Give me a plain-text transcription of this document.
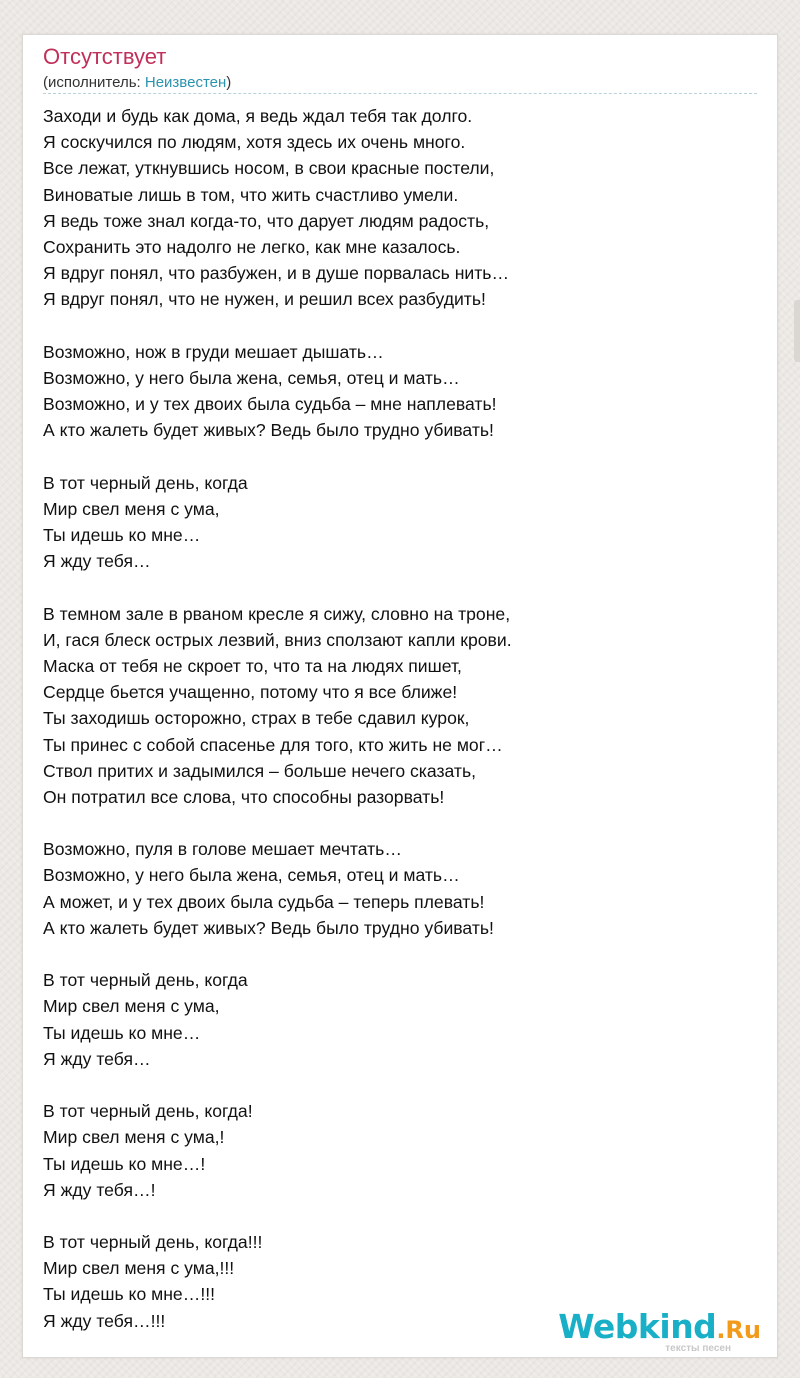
Отсутствует
(исполнитель: Неизвестен)

Заходи и будь как дома, я ведь ждал тебя так долго.
Я соскучился по людям, хотя здесь их очень много.
Все лежат, уткнувшись носом, в свои красные постели,
Виноватые лишь в том, что жить счастливо умели.
Я ведь тоже знал когда-то, что дарует людям радость,
Сохранить это надолго не легко, как мне казалось.
Я вдруг понял, что разбужен, и в душе порвалась нить…
Я вдруг понял, что не нужен, и решил всех разбудить!

Возможно, нож в груди мешает дышать…
Возможно, у него была жена, семья, отец и мать…
Возможно, и у тех двоих была судьба – мне наплевать!
А кто жалеть будет живых? Ведь было трудно убивать!

В тот черный день, когда
Мир свел меня с ума,
Ты идешь ко мне…
Я жду тебя…

В темном зале в рваном кресле я сижу, словно на троне,
И, гася блеск острых лезвий, вниз сползают капли крови.
Маска от тебя не скроет то, что та на людях пишет,
Сердце бьется учащенно, потому что я все ближе!
Ты заходишь осторожно, страх в тебе сдавил курок,
Ты принес с собой спасенье для того, кто жить не мог…
Ствол притих и задымился – больше нечего сказать,
Он потратил все слова, что способны разорвать!

Возможно, пуля в голове мешает мечтать…
Возможно, у него была жена, семья, отец и мать…
А может, и у тех двоих была судьба – теперь плевать!
А кто жалеть будет живых? Ведь было трудно убивать!

В тот черный день, когда
Мир свел меня с ума,
Ты идешь ко мне…
Я жду тебя…

В тот черный день, когда!
Мир свел меня с ума,!
Ты идешь ко мне…!
Я жду тебя…!

В тот черный день, когда!!!
Мир свел меня с ума,!!!
Ты идешь ко мне…!!!
Я жду тебя…!!!	Webkind.Ru
тексты песен
